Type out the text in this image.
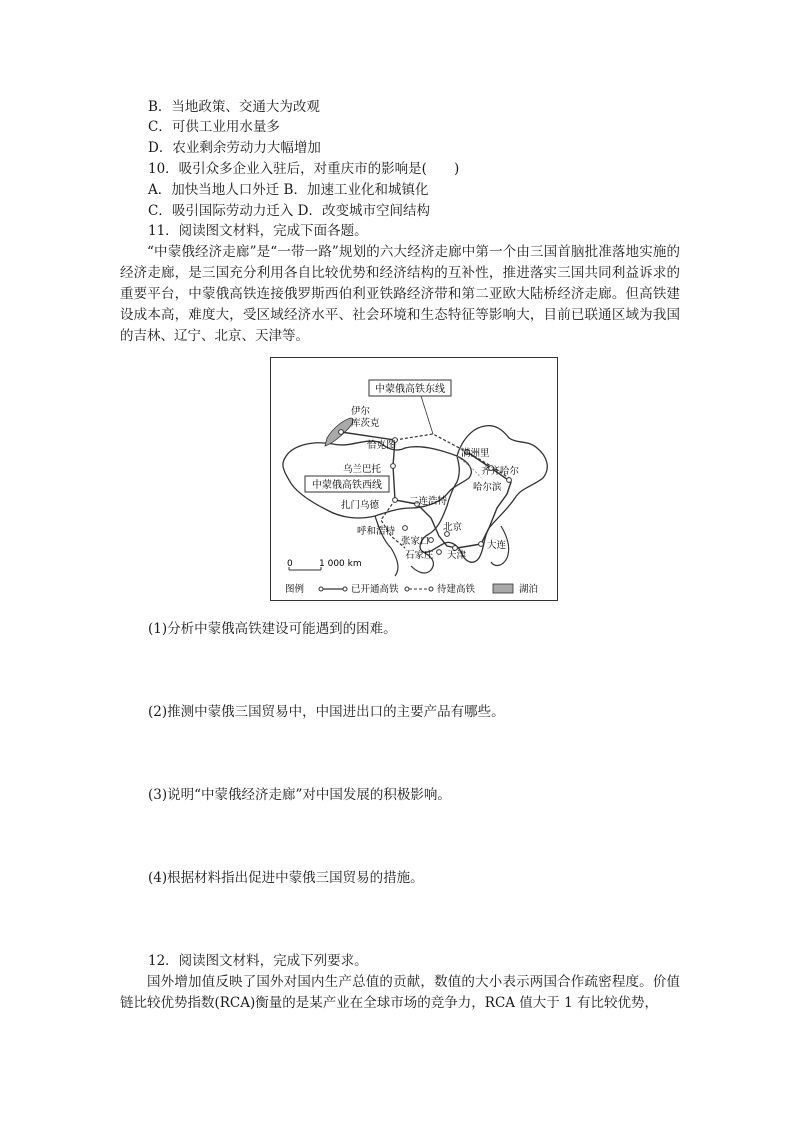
B．当地政策、交通大为改观
C．可供工业用水量多
D．农业剩余劳动力大幅增加
10．吸引众多企业入驻后，对重庆市的影响是(　　)
A．加快当地人口外迁 B．加速工业化和城镇化
C．吸引国际劳动力迁入 D．改变城市空间结构
11．阅读图文材料，完成下面各题。
“中蒙俄经济走廊”是“一带一路”规划的六大经济走廊中第一个由三国首脑批准落地实施的经济走廊，是三国充分利用各自比较优势和经济结构的互补性，推进落实三国共同利益诉求的重要平台，中蒙俄高铁连接俄罗斯西伯利亚铁路经济带和第二亚欧大陆桥经济走廊。但高铁建设成本高，难度大，受区域经济水平、社会环境和生态特征等影响大，目前已联通区域为我国的吉林、辽宁、北京、天津等。
中蒙俄高铁东线
中蒙俄高铁西线
伊尔
库茨克
恰克图
满洲里
乌兰巴托	齐齐哈尔
哈尔滨
扎门乌德	二连浩特
呼和浩特	北京
张家口
石家庄 天津
大连
0	1 000 km
图例	已开通高铁	待建高铁	湖泊
(1)分析中蒙俄高铁建设可能遇到的困难。
(2)推测中蒙俄三国贸易中，中国进出口的主要产品有哪些。
(3)说明“中蒙俄经济走廊”对中国发展的积极影响。
(4)根据材料指出促进中蒙俄三国贸易的措施。
12．阅读图文材料，完成下列要求。
国外增加值反映了国外对国内生产总值的贡献，数值的大小表示两国合作疏密程度。价值链比较优势指数(RCA)衡量的是某产业在全球市场的竞争力，RCA 值大于 1 有比较优势，
